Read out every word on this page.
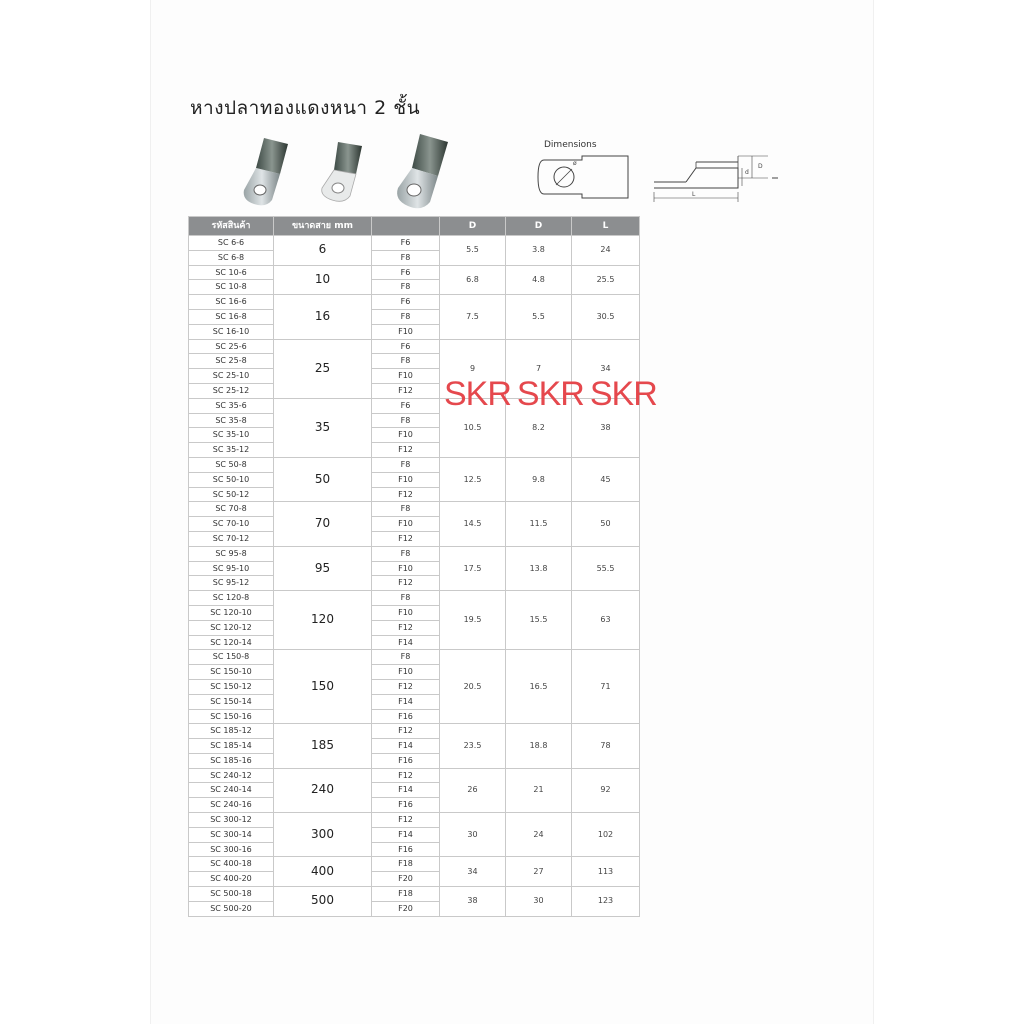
หางปลาทองแดงหนา 2 ชั้น
Dimensions
ø
d
D
L
รหัสสินค้า	ขนาดสาย mm		D	D	L
SC 6-6	6	F6	5.5	3.8	24
SC 6-8		F8			
SC 10-6	10	F6	6.8	4.8	25.5
SC 10-8		F8			
SC 16-6	16	F6	7.5	5.5	30.5
SC 16-8		F8			
SC 16-10		F10			
SC 25-6	25	F6	9	7	34
SC 25-8		F8			
SC 25-10		F10			
SC 25-12		F12			
SC 35-6	35	F6	10.5	8.2	38
SC 35-8		F8			
SC 35-10		F10			
SC 35-12		F12			
SC 50-8	50	F8	12.5	9.8	45
SC 50-10		F10			
SC 50-12		F12			
SC 70-8	70	F8	14.5	11.5	50
SC 70-10		F10			
SC 70-12		F12			
SC 95-8	95	F8	17.5	13.8	55.5
SC 95-10		F10			
SC 95-12		F12			
SC 120-8	120	F8	19.5	15.5	63
SC 120-10		F10			
SC 120-12		F12			
SC 120-14		F14			
SC 150-8	150	F8	20.5	16.5	71
SC 150-10		F10			
SC 150-12		F12			
SC 150-14		F14			
SC 150-16		F16			
SC 185-12	185	F12	23.5	18.8	78
SC 185-14		F14			
SC 185-16		F16			
SC 240-12	240	F12	26	21	92
SC 240-14		F14			
SC 240-16		F16			
SC 300-12	300	F12	30	24	102
SC 300-14		F14			
SC 300-16		F16			
SC 400-18	400	F18	34	27	113
SC 400-20		F20			
SC 500-18	500	F18	38	30	123
SC 500-20		F20			
SKR SKR SKR
